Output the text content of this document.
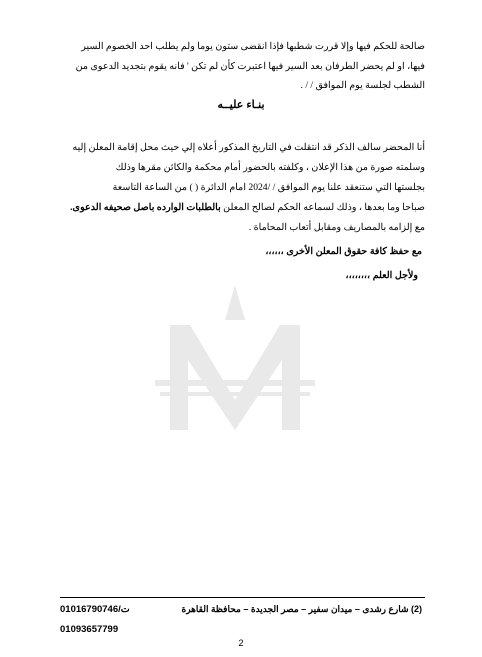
صالحة للحكم فيها وإلا قررت شطبها فإذا انقضى ستون يوما ولم يطلب احد الخصوم السير

فيها، او لم يحضر الطرفان بعد السير فيها اعتبرت كأن لم تكن ' فانه يقوم بتجديد الدعوى من

الشطب لجلسة يوم الموافق / / .

بنـاء عليــه

أنا المحضر سالف الذكر قد انتقلت في التاريخ المذكور أعلاه إلي حيث محل إقامة المعلن إليه

وسلمته صورة من هذا الإعلان ، وكلفته بالحضور أمام محكمة والكائن مقرها وذلك

بجلستها التي ستنعقد علنا يوم الموافق / /2024 امام الدائرة ( ) من الساعة التاسعة

صباحا وما بعدها ، وذلك لسماعه الحكم لصالح المعلن بالطلبات الوارده باصل صحيفه الدعوى.

مع إلزامه بالمصاريف ومقابل أتعاب المحاماة .

مع حفظ كافة حقوق المعلن الأخرى ،،،،،،
ولأجل العلم ،،،،،،،،
(2) شارع رشدى – ميدان سفير – مصر الجديدة – محافظة القاهرة
ت/01016790746
01093657799
2
